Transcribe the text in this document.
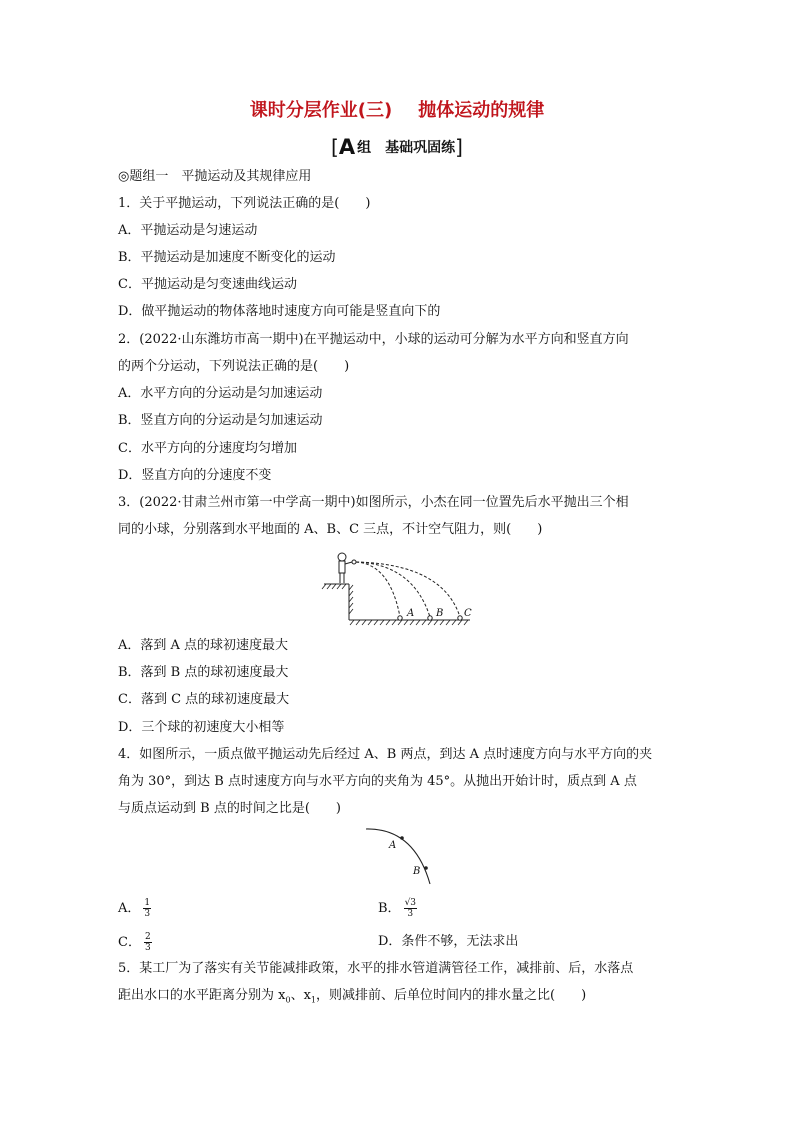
课时分层作业(三) 抛体运动的规律
[A 组 基础巩固练]
◎题组一　平抛运动及其规律应用
1．关于平抛运动，下列说法正确的是(　　)
A．平抛运动是匀速运动
B．平抛运动是加速度不断变化的运动
C．平抛运动是匀变速曲线运动
D．做平抛运动的物体落地时速度方向可能是竖直向下的
2．(2022·山东潍坊市高一期中)在平抛运动中，小球的运动可分解为水平方向和竖直方向
的两个分运动，下列说法正确的是(　　)
A．水平方向的分运动是匀加速运动
B．竖直方向的分运动是匀加速运动
C．水平方向的分速度均匀增加
D．竖直方向的分速度不变
3．(2022·甘肃兰州市第一中学高一期中)如图所示，小杰在同一位置先后水平抛出三个相
同的小球，分别落到水平地面的 A、B、C 三点，不计空气阻力，则(　　)
A B C
A．落到 A 点的球初速度最大
B．落到 B 点的球初速度最大
C．落到 C 点的球初速度最大
D．三个球的初速度大小相等
4．如图所示，一质点做平抛运动先后经过 A、B 两点，到达 A 点时速度方向与水平方向的夹
角为 30°，到达 B 点时速度方向与水平方向的夹角为 45°。从抛出开始计时，质点到 A 点
与质点运动到 B 点的时间之比是(　　)
A
B
A． $\frac{1}{3}$	B． $\frac{√3}{3}$
C． $\frac{2}{3}$	D．条件不够，无法求出
5．某工厂为了落实有关节能减排政策，水平的排水管道满管径工作，减排前、后，水落点
距出水口的水平距离分别为 $x_0$、$x_1$，则减排前、后单位时间内的排水量之比(　　)
